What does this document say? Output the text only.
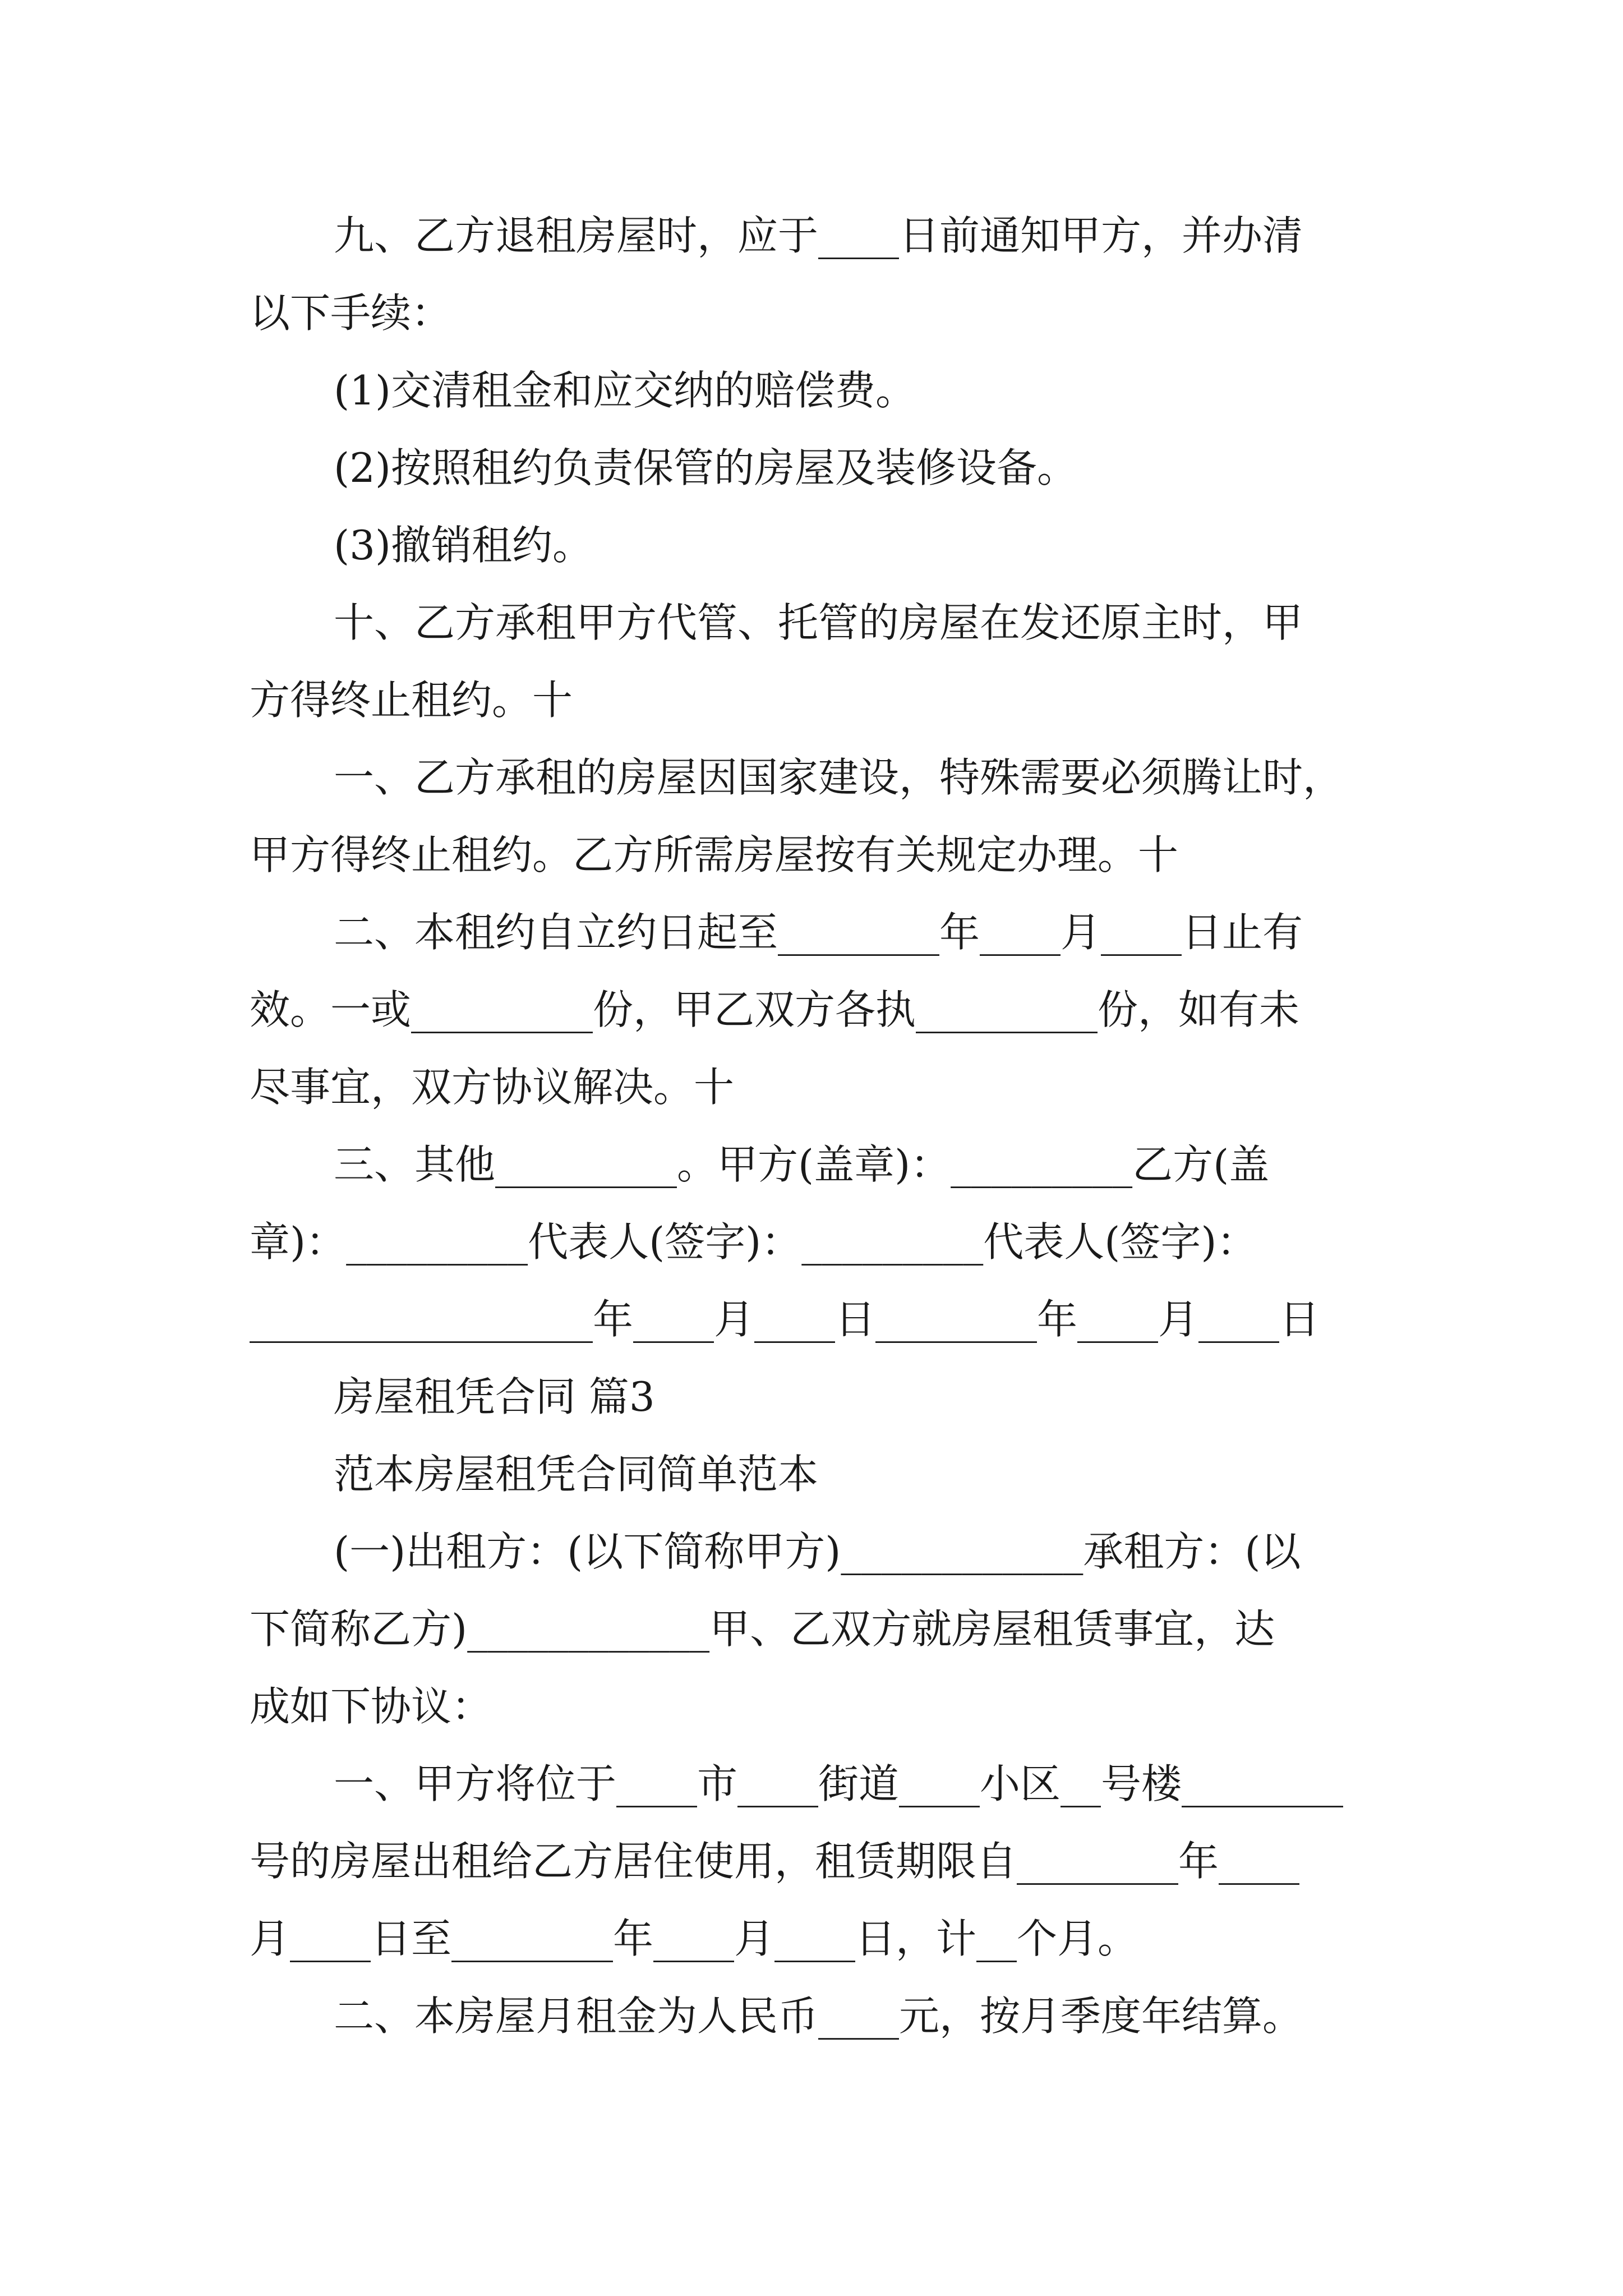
九、乙方退租房屋时，应于____日前通知甲方，并办清
以下手续：
(1)交清租金和应交纳的赔偿费。
(2)按照租约负责保管的房屋及装修设备。
(3)撤销租约。
十、乙方承租甲方代管、托管的房屋在发还原主时，甲
方得终止租约。十
一、乙方承租的房屋因国家建设，特殊需要必须腾让时，
甲方得终止租约。乙方所需房屋按有关规定办理。十
二、本租约自立约日起至________年____月____日止有
效。一或_________份，甲乙双方各执_________份，如有未
尽事宜，双方协议解决。十
三、其他_________。甲方(盖章)：_________乙方(盖
章)：_________代表人(签字)：_________代表人(签字)：
_________________年____月____日________年____月____日
房屋租凭合同 篇3
范本房屋租凭合同简单范本
(一)出租方：(以下简称甲方)____________承租方：(以
下简称乙方)____________甲、乙双方就房屋租赁事宜，达
成如下协议：
一、甲方将位于____市____街道____小区__号楼________
号的房屋出租给乙方居住使用，租赁期限自________年____
月____日至________年____月____日，计__个月。
二、本房屋月租金为人民币____元，按月季度年结算。
